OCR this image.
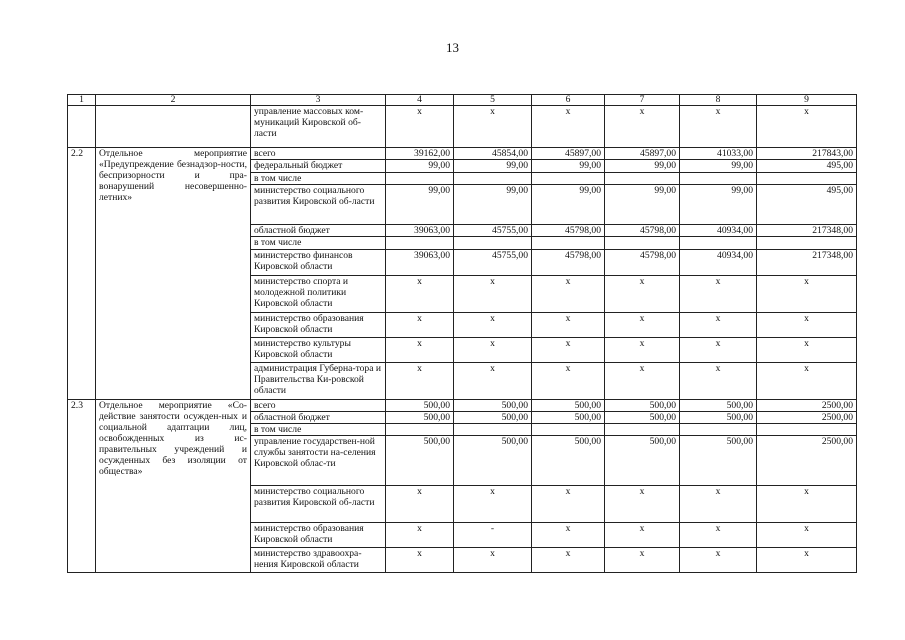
13
1	2	3	4	5	6	7	8	9
		управление массовых ком-муникаций Кировской об-ласти	x	x	x	x	x	x
2.2	Отдельное мероприятие «Предупреждение безнадзор-ности, беспризорности и пра-вонарушений несовершенно-летних»	всего	39162,00	45854,00	45897,00	45897,00	41033,00	217843,00
		федеральный бюджет	99,00	99,00	99,00	99,00	99,00	495,00
		в том числе						
		министерство социального развития Кировской об-ласти	99,00	99,00	99,00	99,00	99,00	495,00
		областной бюджет	39063,00	45755,00	45798,00	45798,00	40934,00	217348,00
		в том числе						
		министерство финансов Кировской области	39063,00	45755,00	45798,00	45798,00	40934,00	217348,00
		министерство спорта и молодежной политики Кировской области	x	x	x	x	x	x
		министерство образования Кировской области	x	x	x	x	x	x
		министерство культуры Кировской области	x	x	x	x	x	x
		администрация Губерна-тора и Правительства Ки-ровской области	x	x	x	x	x	x
2.3	Отдельное мероприятие «Со-действие занятости осужден-ных и социальной адаптации лиц, освобожденных из ис-правительных учреждений и осужденных без изоляции от общества»	всего	500,00	500,00	500,00	500,00	500,00	2500,00
		областной бюджет	500,00	500,00	500,00	500,00	500,00	2500,00
		в том числе						
		управление государствен-ной службы занятости на-селения Кировской облас-ти	500,00	500,00	500,00	500,00	500,00	2500,00
		министерство социального развития Кировской об-ласти	x	x	x	x	x	x
		министерство образования Кировской области	x	-	x	x	x	x
		министерство здравоохра-нения Кировской области	x	x	x	x	x	x
